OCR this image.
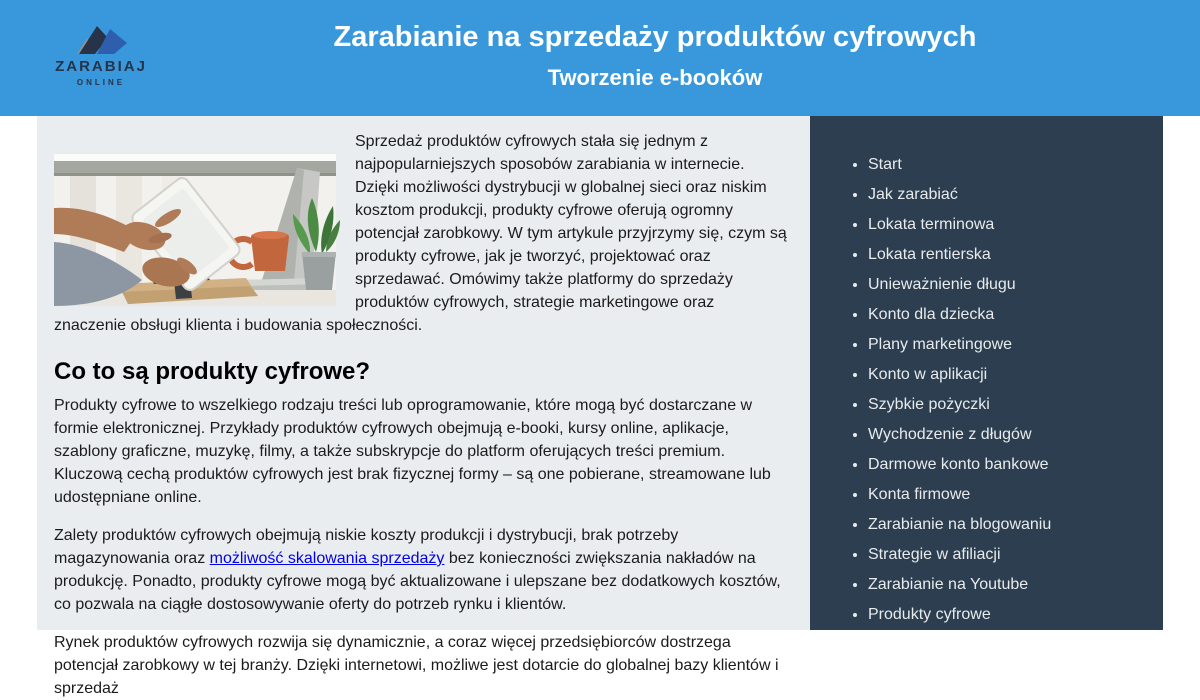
ZARABIAJ
ONLINE
Zarabianie na sprzedaży produktów cyfrowych
Tworzenie e-booków

Sprzedaż produktów cyfrowych stała się jednym z najpopularniejszych sposobów zarabiania w internecie. Dzięki możliwości dystrybucji w globalnej sieci oraz niskim kosztom produkcji, produkty cyfrowe oferują ogromny potencjał zarobkowy. W tym artykule przyjrzymy się, czym są produkty cyfrowe, jak je tworzyć, projektować oraz sprzedawać. Omówimy także platformy do sprzedaży produktów cyfrowych, strategie marketingowe oraz znaczenie obsługi klienta i budowania społeczności.

Co to są produkty cyfrowe?

Produkty cyfrowe to wszelkiego rodzaju treści lub oprogramowanie, które mogą być dostarczane w formie elektronicznej. Przykłady produktów cyfrowych obejmują e-booki, kursy online, aplikacje, szablony graficzne, muzykę, filmy, a także subskrypcje do platform oferujących treści premium. Kluczową cechą produktów cyfrowych jest brak fizycznej formy – są one pobierane, streamowane lub udostępniane online.

Zalety produktów cyfrowych obejmują niskie koszty produkcji i dystrybucji, brak potrzeby magazynowania oraz możliwość skalowania sprzedaży bez konieczności zwiększania nakładów na produkcję. Ponadto, produkty cyfrowe mogą być aktualizowane i ulepszane bez dodatkowych kosztów, co pozwala na ciągłe dostosowywanie oferty do potrzeb rynku i klientów.

Rynek produktów cyfrowych rozwija się dynamicznie, a coraz więcej przedsiębiorców dostrzega potencjał zarobkowy w tej branży. Dzięki internetowi, możliwe jest dotarcie do globalnej bazy klientów i sprzedaż

• Start
• Jak zarabiać
• Lokata terminowa
• Lokata rentierska
• Unieważnienie długu
• Konto dla dziecka
• Plany marketingowe
• Konto w aplikacji
• Szybkie pożyczki
• Wychodzenie z długów
• Darmowe konto bankowe
• Konta firmowe
• Zarabianie na blogowaniu
• Strategie w afiliacji
• Zarabianie na Youtube
• Produkty cyfrowe
